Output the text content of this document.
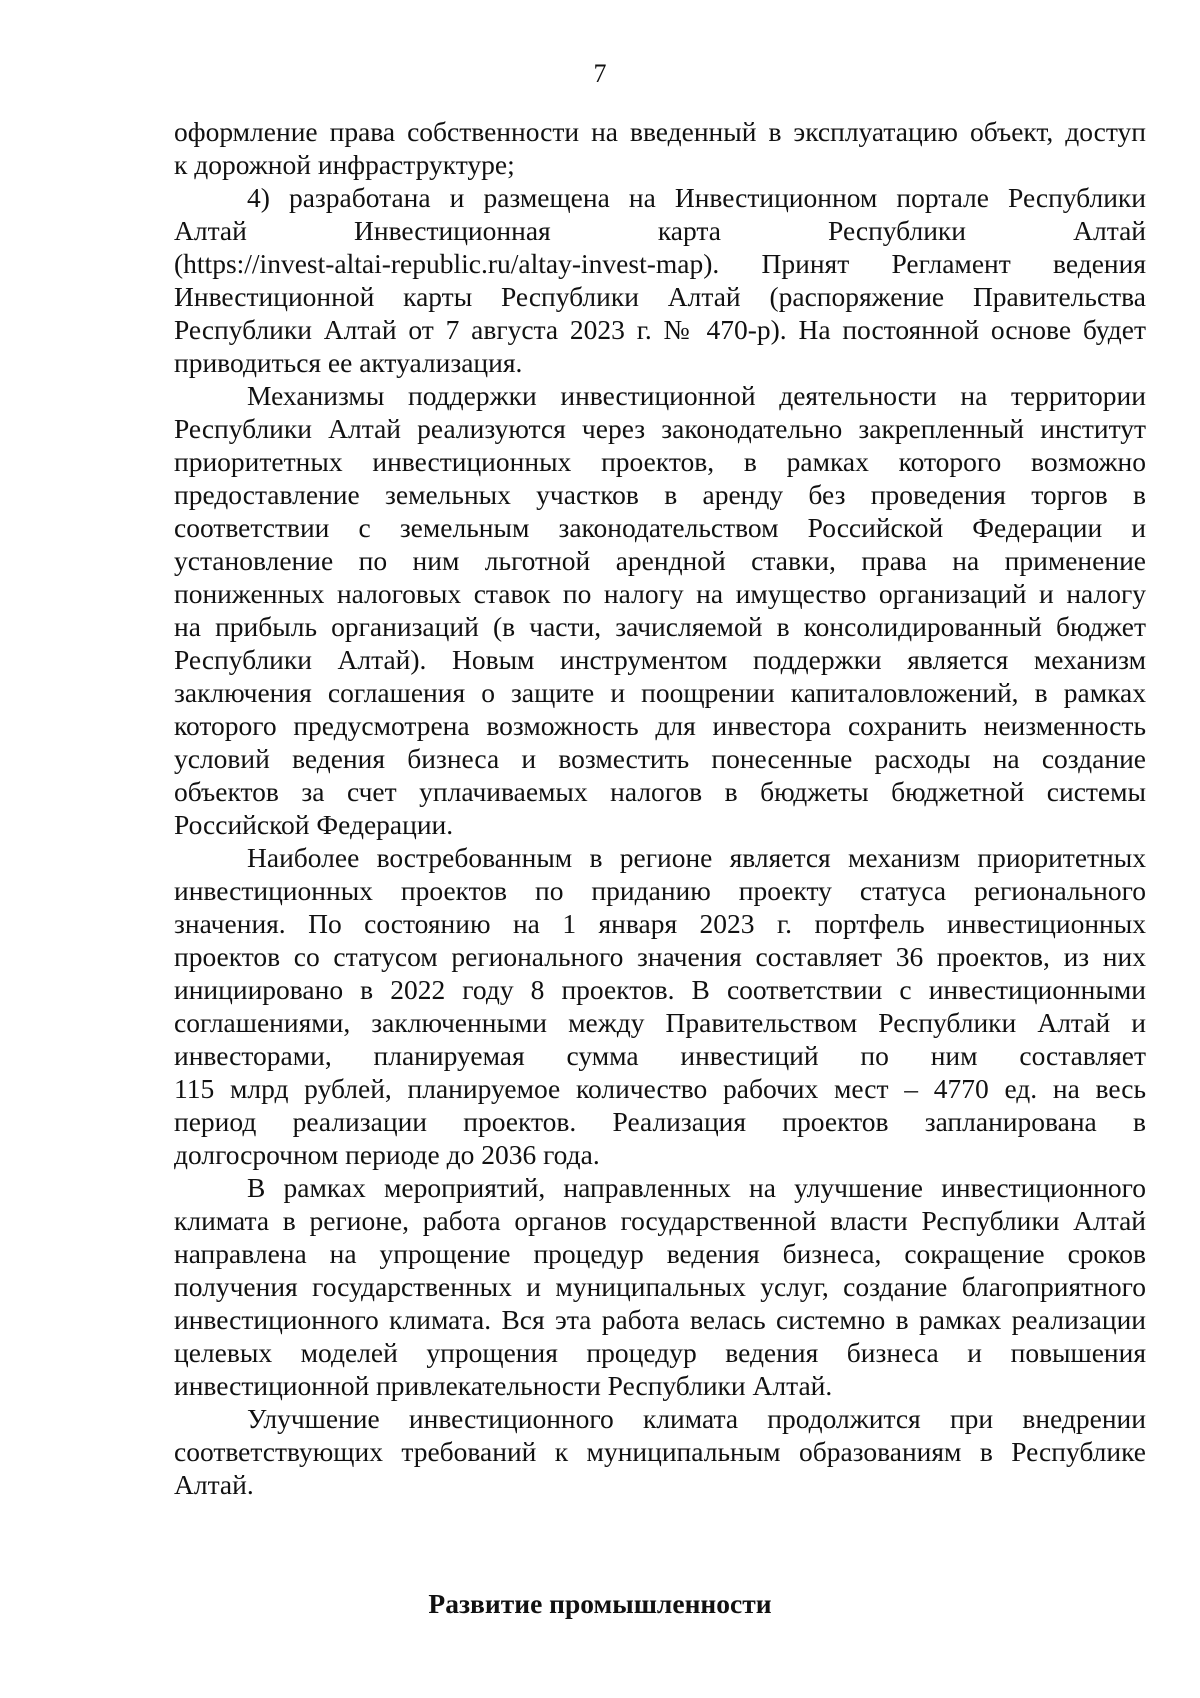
7
оформление права собственности на введенный в эксплуатацию объект, доступ
к дорожной инфраструктуре;
4) разработана и размещена на Инвестиционном портале Республики
Алтай Инвестиционная карта Республики Алтай
(https://invest-altai-republic.ru/altay-invest-map). Принят Регламент ведения
Инвестиционной карты Республики Алтай (распоряжение Правительства
Республики Алтай от 7 августа 2023 г. № 470-р). На постоянной основе будет
приводиться ее актуализация.
Механизмы поддержки инвестиционной деятельности на территории
Республики Алтай реализуются через законодательно закрепленный институт
приоритетных инвестиционных проектов, в рамках которого возможно
предоставление земельных участков в аренду без проведения торгов в
соответствии с земельным законодательством Российской Федерации и
установление по ним льготной арендной ставки, права на применение
пониженных налоговых ставок по налогу на имущество организаций и налогу
на прибыль организаций (в части, зачисляемой в консолидированный бюджет
Республики Алтай). Новым инструментом поддержки является механизм
заключения соглашения о защите и поощрении капиталовложений, в рамках
которого предусмотрена возможность для инвестора сохранить неизменность
условий ведения бизнеса и возместить понесенные расходы на создание
объектов за счет уплачиваемых налогов в бюджеты бюджетной системы
Российской Федерации.
Наиболее востребованным в регионе является механизм приоритетных
инвестиционных проектов по приданию проекту статуса регионального
значения. По состоянию на 1 января 2023 г. портфель инвестиционных
проектов со статусом регионального значения составляет 36 проектов, из них
инициировано в 2022 году 8 проектов. В соответствии с инвестиционными
соглашениями, заключенными между Правительством Республики Алтай и
инвесторами, планируемая сумма инвестиций по ним составляет
115 млрд рублей, планируемое количество рабочих мест – 4770 ед. на весь
период реализации проектов. Реализация проектов запланирована в
долгосрочном периоде до 2036 года.
В рамках мероприятий, направленных на улучшение инвестиционного
климата в регионе, работа органов государственной власти Республики Алтай
направлена на упрощение процедур ведения бизнеса, сокращение сроков
получения государственных и муниципальных услуг, создание благоприятного
инвестиционного климата. Вся эта работа велась системно в рамках реализации
целевых моделей упрощения процедур ведения бизнеса и повышения
инвестиционной привлекательности Республики Алтай.
Улучшение инвестиционного климата продолжится при внедрении
соответствующих требований к муниципальным образованиям в Республике
Алтай.
Развитие промышленности
